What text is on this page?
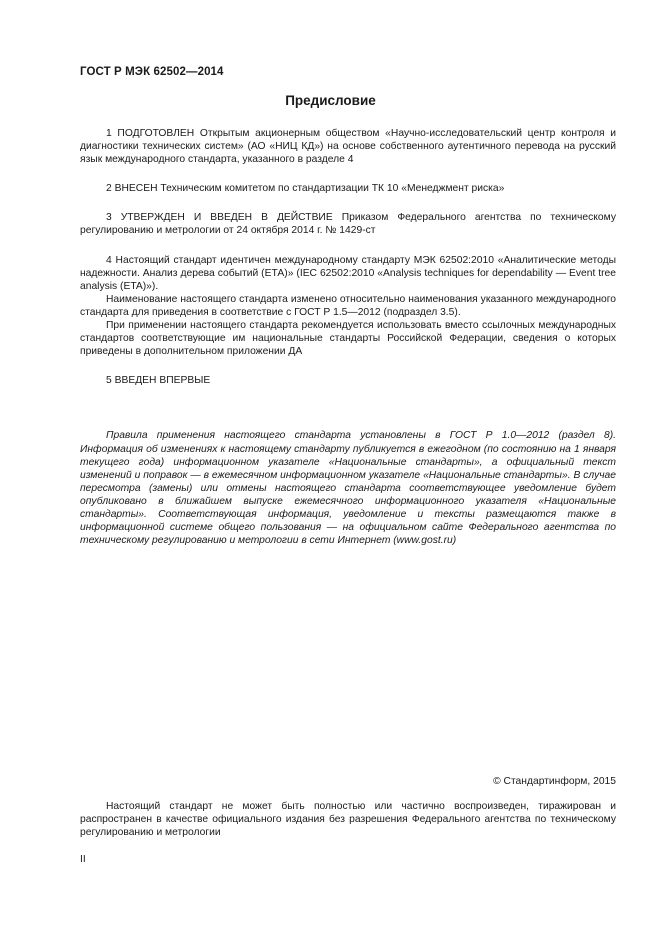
ГОСТ Р МЭК 62502—2014
Предисловие

1 ПОДГОТОВЛЕН Открытым акционерным обществом «Научно-исследовательский центр контроля и диагностики технических систем» (АО «НИЦ КД») на основе собственного аутентичного перевода на русский язык международного стандарта, указанного в разделе 4

2 ВНЕСЕН Техническим комитетом по стандартизации ТК 10 «Менеджмент риска»

3 УТВЕРЖДЕН И ВВЕДЕН В ДЕЙСТВИЕ Приказом Федерального агентства по техническому регулированию и метрологии от 24 октября 2014 г. № 1429-ст

4 Настоящий стандарт идентичен международному стандарту МЭК 62502:2010 «Аналитические методы надежности. Анализ дерева событий (ЕТА)» (IEC 62502:2010 «Analysis techniques for dependability — Event tree analysis (ETA)»).

Наименование настоящего стандарта изменено относительно наименования указанного международного стандарта для приведения в соответствие с ГОСТ Р 1.5—2012 (подраздел 3.5).

При применении настоящего стандарта рекомендуется использовать вместо ссылочных международных стандартов соответствующие им национальные стандарты Российской Федерации, сведения о которых приведены в дополнительном приложении ДА

5 ВВЕДЕН ВПЕРВЫЕ

Правила применения настоящего стандарта установлены в ГОСТ Р 1.0—2012 (раздел 8). Информация об изменениях к настоящему стандарту публикуется в ежегодном (по состоянию на 1 января текущего года) информационном указателе «Национальные стандарты», а официальный текст изменений и поправок — в ежемесячном информационном указателе «Национальные стандарты». В случае пересмотра (замены) или отмены настоящего стандарта соответствующее уведомление будет опубликовано в ближайшем выпуске ежемесячного информационного указателя «Национальные стандарты». Соответствующая информация, уведомление и тексты размещаются также в информационной системе общего пользования — на официальном сайте Федерального агентства по техническому регулированию и метрологии в сети Интернет (www.gost.ru)

© Стандартинформ, 2015

Настоящий стандарт не может быть полностью или частично воспроизведен, тиражирован и распространен в качестве официального издания без разрешения Федерального агентства по техническому регулированию и метрологии

II
